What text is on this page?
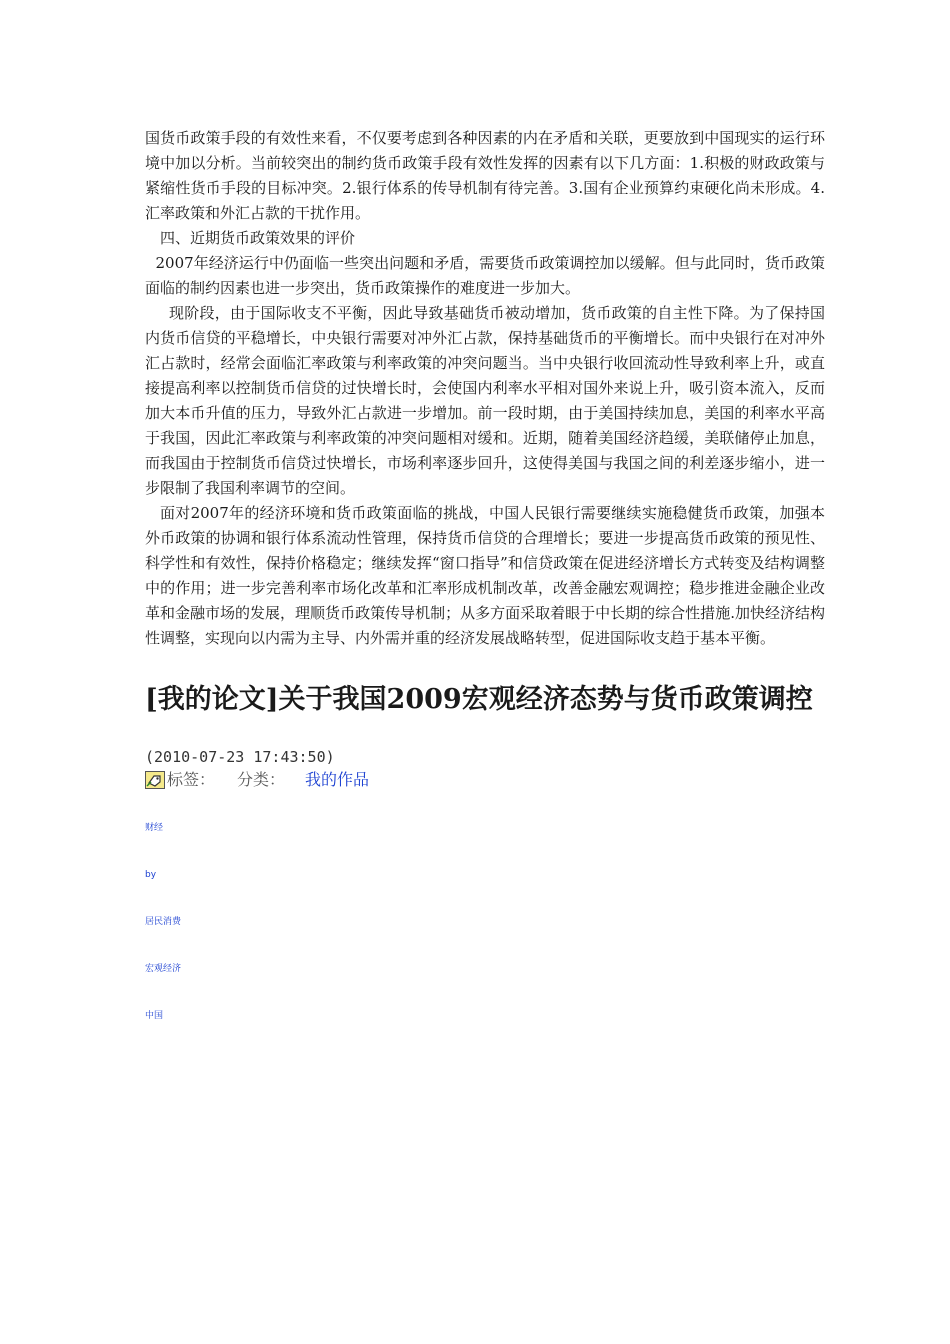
国货币政策手段的有效性来看，不仅要考虑到各种因素的内在矛盾和关联，更要放到中国现实的运行环境中加以分析。当前较突出的制约货币政策手段有效性发挥的因素有以下几方面：1.积极的财政政策与紧缩性货币手段的目标冲突。2.银行体系的传导机制有待完善。3.国有企业预算约束硬化尚未形成。4.汇率政策和外汇占款的干扰作用。

四、近期货币政策效果的评价

2007年经济运行中仍面临一些突出问题和矛盾，需要货币政策调控加以缓解。但与此同时，货币政策面临的制约因素也进一步突出，货币政策操作的难度进一步加大。

现阶段，由于国际收支不平衡，因此导致基础货币被动增加，货币政策的自主性下降。为了保持国内货币信贷的平稳增长，中央银行需要对冲外汇占款，保持基础货币的平衡增长。而中央银行在对冲外汇占款时，经常会面临汇率政策与利率政策的冲突问题当。当中央银行收回流动性导致利率上升，或直接提高利率以控制货币信贷的过快增长时，会使国内利率水平相对国外来说上升，吸引资本流入，反而加大本币升值的压力，导致外汇占款进一步增加。前一段时期，由于美国持续加息，美国的利率水平高于我国，因此汇率政策与利率政策的冲突问题相对缓和。近期，随着美国经济趋缓，美联储停止加息，而我国由于控制货币信贷过快增长，市场利率逐步回升，这使得美国与我国之间的利差逐步缩小，进一步限制了我国利率调节的空间。

面对2007年的经济环境和货币政策面临的挑战，中国人民银行需要继续实施稳健货币政策，加强本外币政策的协调和银行体系流动性管理，保持货币信贷的合理增长；要进一步提高货币政策的预见性、科学性和有效性，保持价格稳定；继续发挥“窗口指导”和信贷政策在促进经济增长方式转变及结构调整中的作用；进一步完善利率市场化改革和汇率形成机制改革，改善金融宏观调控；稳步推进金融企业改革和金融市场的发展，理顺货币政策传导机制；从多方面采取着眼于中长期的综合性措施.加快经济结构性调整，实现向以内需为主导、内外需并重的经济发展战略转型，促进国际收支趋于基本平衡。

[我的论文]关于我国2009宏观经济态势与货币政策调控
(2010-07-23 17:43:50)
标签： 分类： 我的作品
财经
by
居民消费
宏观经济
中国
